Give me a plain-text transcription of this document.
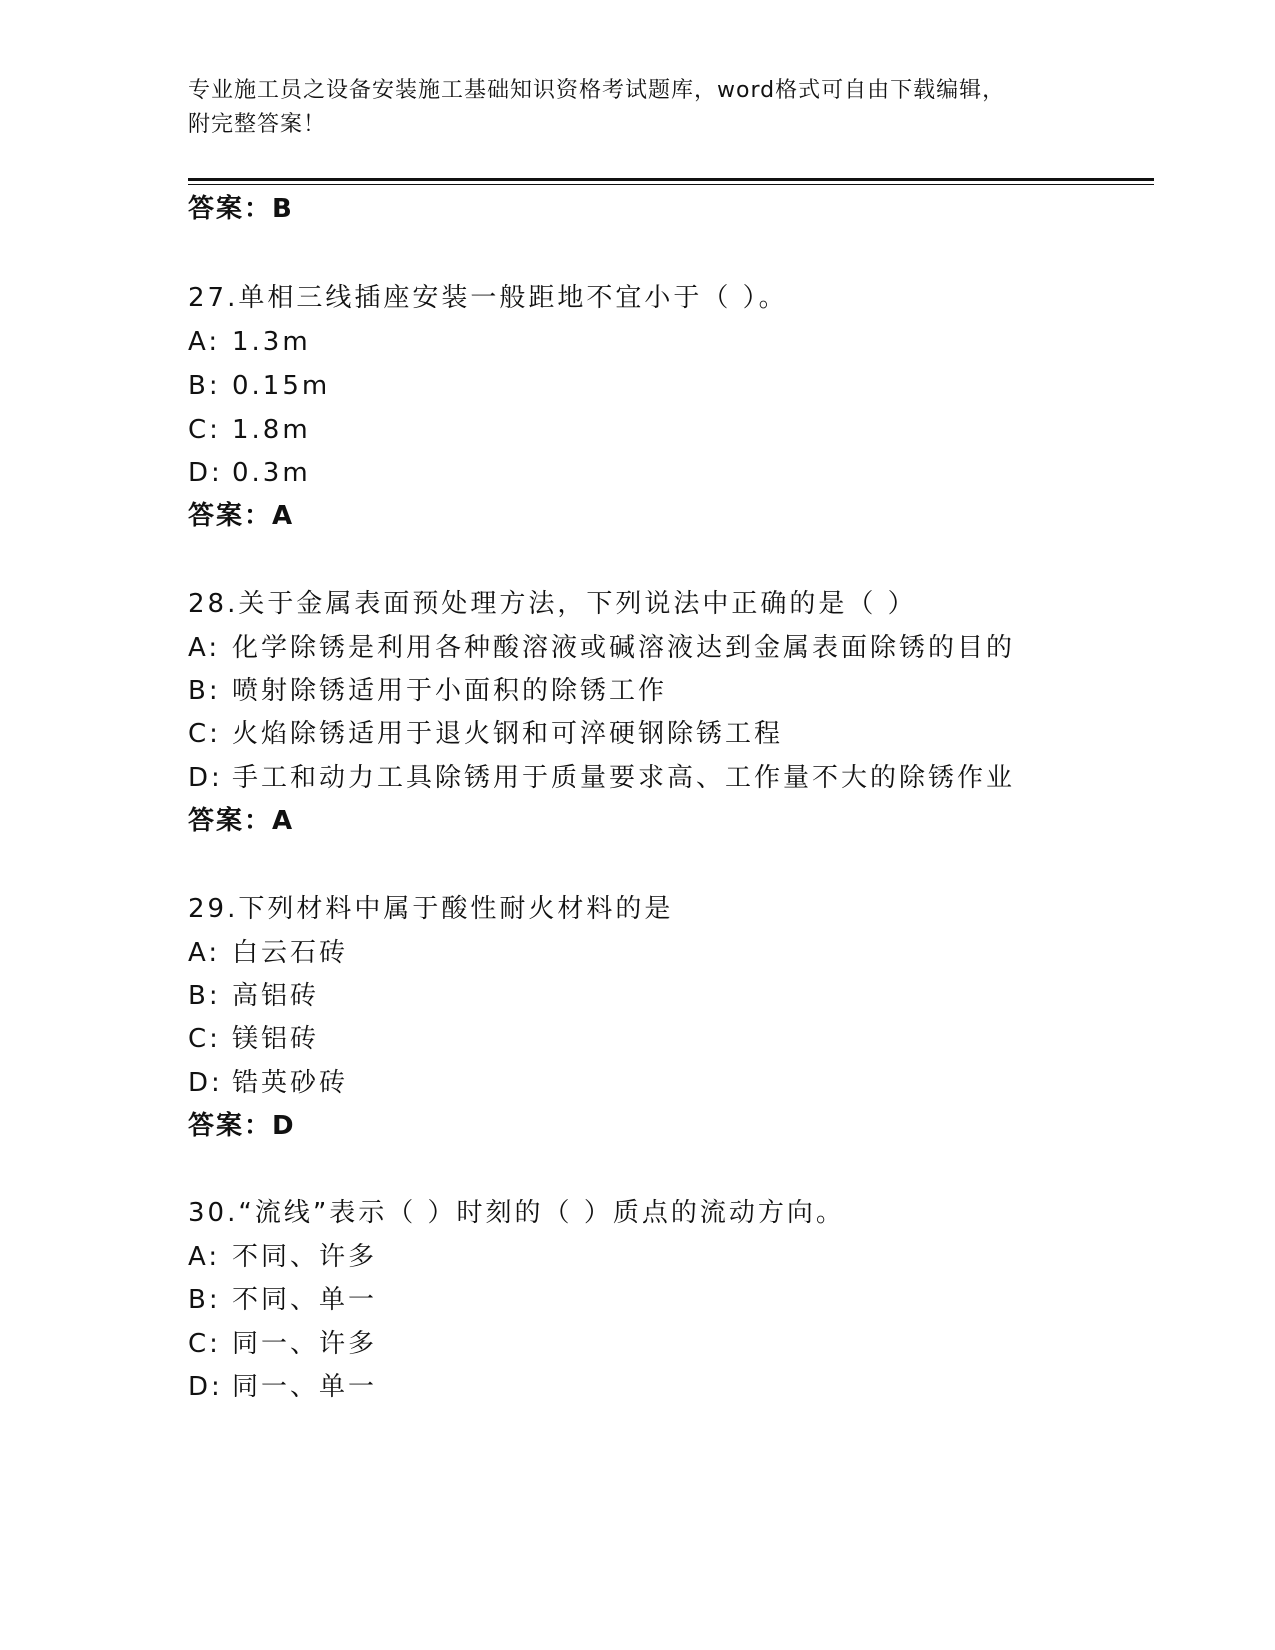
专业施工员之设备安装施工基础知识资格考试题库，word格式可自由下载编辑，
附完整答案！
答案：B
27.单相三线插座安装一般距地不宜小于（ ）。
A: 1.3m
B: 0.15m
C: 1.8m
D: 0.3m
答案：A
28.关于金属表面预处理方法，下列说法中正确的是（ ）
A: 化学除锈是利用各种酸溶液或碱溶液达到金属表面除锈的目的
B: 喷射除锈适用于小面积的除锈工作
C: 火焰除锈适用于退火钢和可淬硬钢除锈工程
D: 手工和动力工具除锈用于质量要求高、工作量不大的除锈作业
答案：A
29.下列材料中属于酸性耐火材料的是
A: 白云石砖
B: 高铝砖
C: 镁铝砖
D: 锆英砂砖
答案：D
30.“流线”表示（ ）时刻的（ ）质点的流动方向。
A: 不同、许多
B: 不同、单一
C: 同一、许多
D: 同一、单一
